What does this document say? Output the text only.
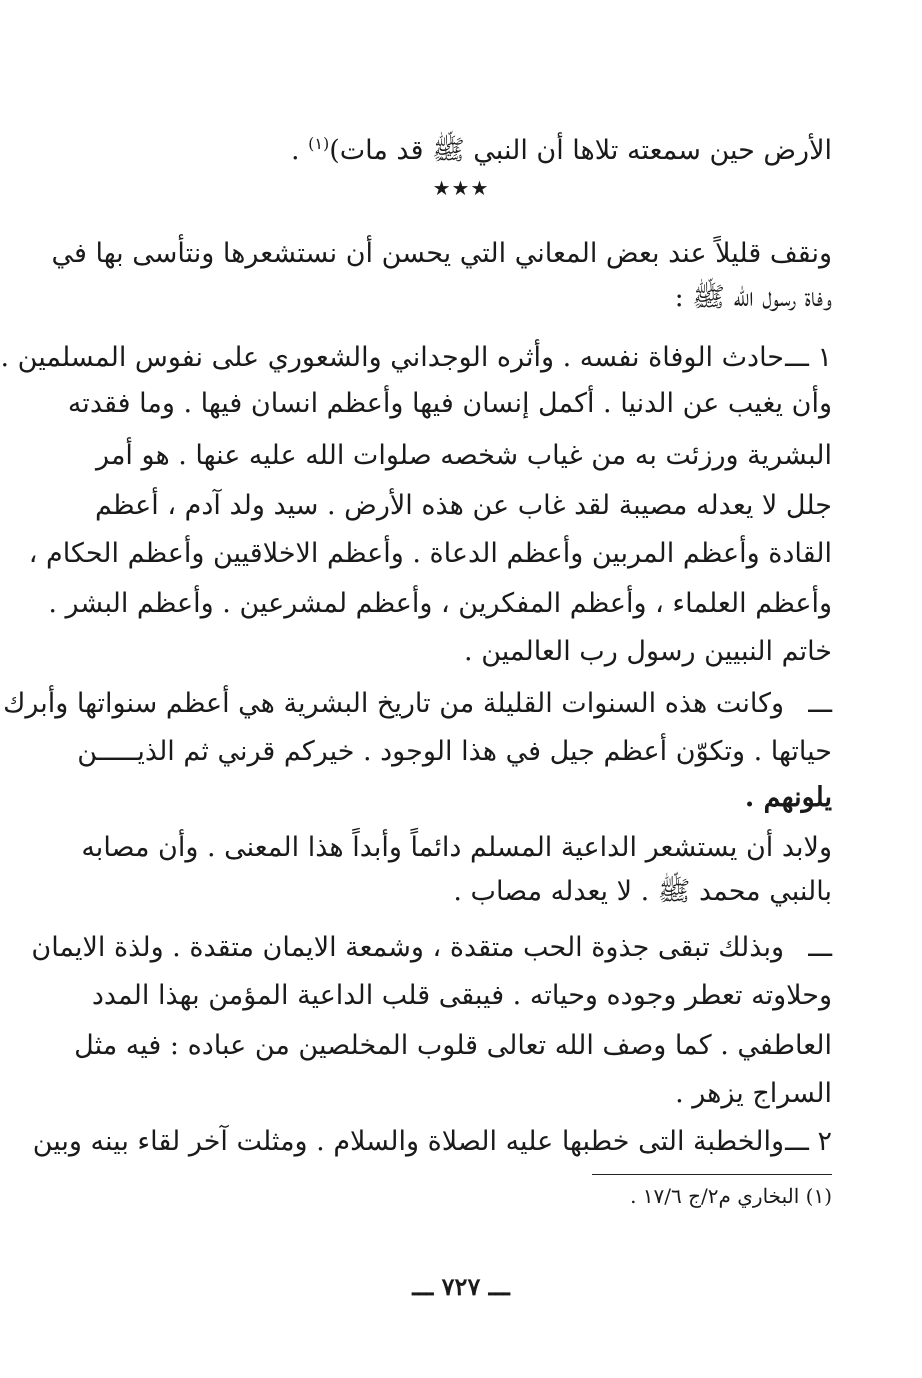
الأرض حين سمعته تلاها أن النبي ﷺ قد مات)$^{(١)}$ .
★★★
ونقف قليلاً عند بعض المعاني التي يحسن أن نستشعرها ونتأسى بها في
وفاة رسول الله ﷺ :
١ ـــ
حادث الوفاة نفسه . وأثره الوجداني والشعوري على نفوس المسلمين .
وأن يغيب عن الدنيا . أكمل إنسان فيها وأعظم انسان فيها . وما فقدته
البشرية ورزئت به من غياب شخصه صلوات الله عليه عنها . هو أمر
جلل لا يعدله مصيبة لقد غاب عن هذه الأرض . سيد ولد آدم ، أعظم
القادة وأعظم المربين وأعظم الدعاة . وأعظم الاخلاقيين وأعظم الحكام ،
وأعظم العلماء ، وأعظم المفكرين ، وأعظم لمشرعين . وأعظم البشر .
خاتم النبيين رسول رب العالمين .
ـــ
وكانت هذه السنوات القليلة من تاريخ البشرية هي أعظم سنواتها وأبرك
حياتها . وتكوّن أعظم جيل في هذا الوجود . خيركم قرني ثم الذيـــــن
يلونهم .
ولابد أن يستشعر الداعية المسلم دائماً وأبداً هذا المعنى . وأن مصابه
بالنبي محمد ﷺ . لا يعدله مصاب .
ـــ
وبذلك تبقى جذوة الحب متقدة ، وشمعة الايمان متقدة . ولذة الايمان
وحلاوته تعطر وجوده وحياته . فيبقى قلب الداعية المؤمن بهذا المدد
العاطفي . كما وصف الله تعالى قلوب المخلصين من عباده : فيه مثل
السراج يزهر .
٢ ـــ
والخطبة التى خطبها عليه الصلاة والسلام . ومثلت آخر لقاء بينه وبين
(١) البخاري م٢/ج ١٧/٦ .
ـــ ٧٢٧ ـــ
